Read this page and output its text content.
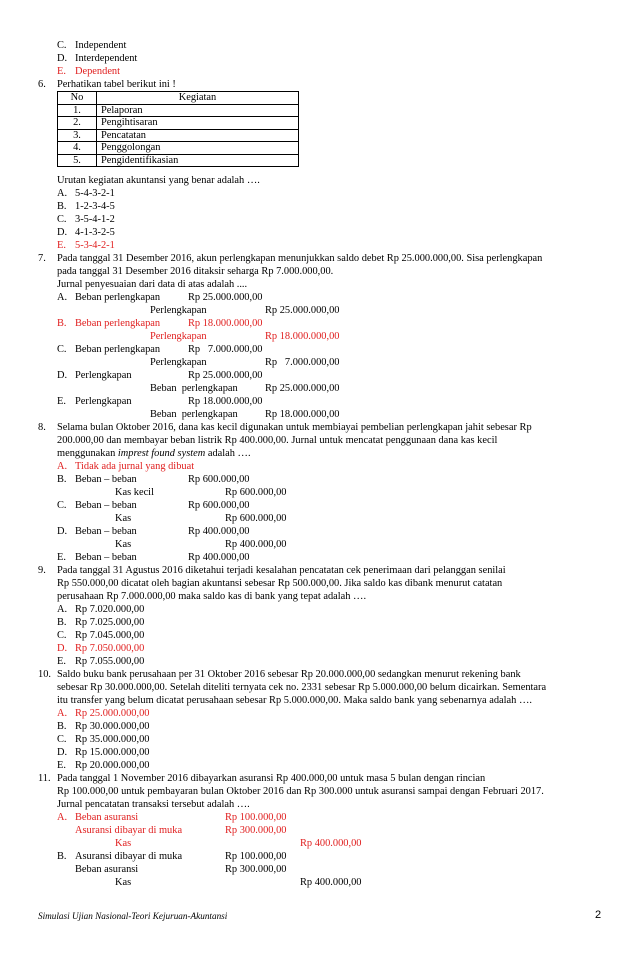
C. Independent
D. Interdependent
E. Dependent
6. Perhatikan tabel berikut ini !
No	Kegiatan
1.	Pelaporan
2.	Pengihtisaran
3.	Pencatatan
4.	Penggolongan
5.	Pengidentifikasian
Urutan kegiatan akuntansi yang benar adalah ….
A. 5-4-3-2-1
B. 1-2-3-4-5
C. 3-5-4-1-2
D. 4-1-3-2-5
E. 5-3-4-2-1
7. Pada tanggal 31 Desember 2016, akun perlengkapan menunjukkan saldo debet Rp 25.000.000,00. Sisa perlengkapan
pada tanggal 31 Desember 2016 ditaksir seharga Rp 7.000.000,00.
Jurnal penyesuaian dari data di atas adalah ....
A. Beban perlengkapan	Rp 25.000.000,00
Perlengkapan	Rp 25.000.000,00
B. Beban perlengkapan	Rp 18.000.000,00
Perlengkapan	Rp 18.000.000,00
C. Beban perlengkapan	Rp   7.000.000,00
Perlengkapan	Rp   7.000.000,00
D. Perlengkapan	Rp 25.000.000,00
Beban  perlengkapan	Rp 25.000.000,00
E. Perlengkapan	Rp 18.000.000,00
Beban  perlengkapan	Rp 18.000.000,00
8. Selama bulan Oktober 2016, dana kas kecil digunakan untuk membiayai pembelian perlengkapan jahit sebesar Rp
200.000,00 dan membayar beban listrik Rp 400.000,00. Jurnal untuk mencatat penggunaan dana kas kecil
menggunakan imprest found system adalah ….
A. Tidak ada jurnal yang dibuat
B. Beban – beban	Rp 600.000,00
Kas kecil	Rp 600.000,00
C. Beban – beban	Rp 600.000,00
Kas	Rp 600.000,00
D. Beban – beban	Rp 400.000,00
Kas	Rp 400.000,00
E. Beban – beban	Rp 400.000,00
9. Pada tanggal 31 Agustus 2016 diketahui terjadi kesalahan pencatatan cek penerimaan dari pelanggan senilai
Rp 550.000,00 dicatat oleh bagian akuntansi sebesar Rp 500.000,00. Jika saldo kas dibank menurut catatan
perusahaan Rp 7.000.000,00 maka saldo kas di bank yang tepat adalah ….
A. Rp 7.020.000,00
B. Rp 7.025.000,00
C. Rp 7.045.000,00
D. Rp 7.050.000,00
E. Rp 7.055.000,00
10. Saldo buku bank perusahaan per 31 Oktober 2016 sebesar Rp 20.000.000,00 sedangkan menurut rekening bank
sebesar Rp 30.000.000,00. Setelah diteliti ternyata cek no. 2331 sebesar Rp 5.000.000,00 belum dicairkan. Sementara
itu transfer yang belum dicatat perusahaan sebesar Rp 5.000.000,00. Maka saldo bank yang sebenarnya adalah ….
A. Rp 25.000.000,00
B. Rp 30.000.000,00
C. Rp 35.000.000,00
D. Rp 15.000.000,00
E. Rp 20.000.000,00
11. Pada tanggal 1 November 2016 dibayarkan asuransi Rp 400.000,00 untuk masa 5 bulan dengan rincian
Rp 100.000,00 untuk pembayaran bulan Oktober 2016 dan Rp 300.000 untuk asuransi sampai dengan Februari 2017.
Jurnal pencatatan transaksi tersebut adalah ….
A. Beban asuransi	Rp 100.000,00
Asuransi dibayar di muka	Rp 300.000,00
Kas	Rp 400.000,00
B. Asuransi dibayar di muka	Rp 100.000,00
Beban asuransi	Rp 300.000,00
Kas	Rp 400.000,00
Simulasi Ujian Nasional-Teori Kejuruan-Akuntansi	2
